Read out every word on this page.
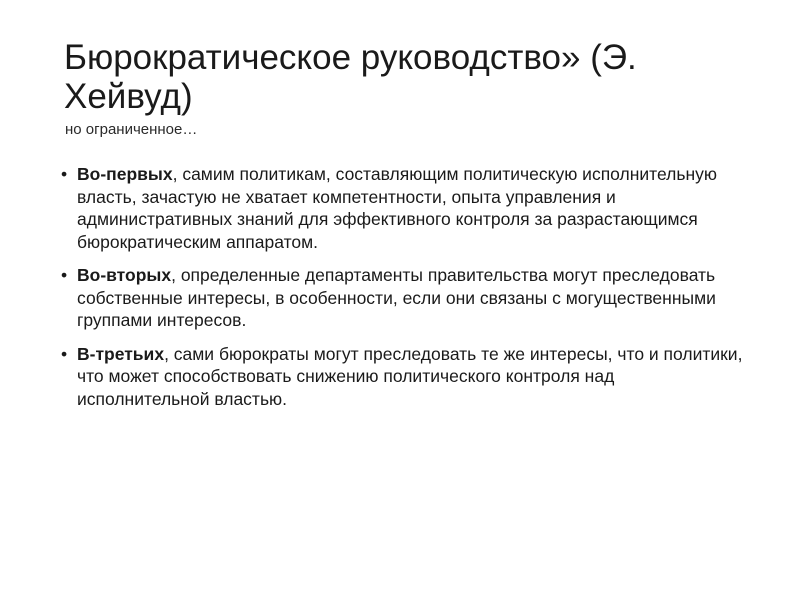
Бюрократическое руководство» (Э. Хейвуд)

но ограниченное…

• Во-первых, самим политикам, составляющим политическую исполнительную власть, зачастую не хватает компетентности, опыта управления и административных знаний для эффективного контроля за разрастающимся бюрократическим аппаратом.
• Во-вторых, определенные департаменты правительства могут преследовать собственные интересы, в особенности, если они связаны с могущественными группами интересов.
• В-третьих, сами бюрократы могут преследовать те же интересы, что и политики, что может способствовать снижению политического контроля над исполнительной властью.
